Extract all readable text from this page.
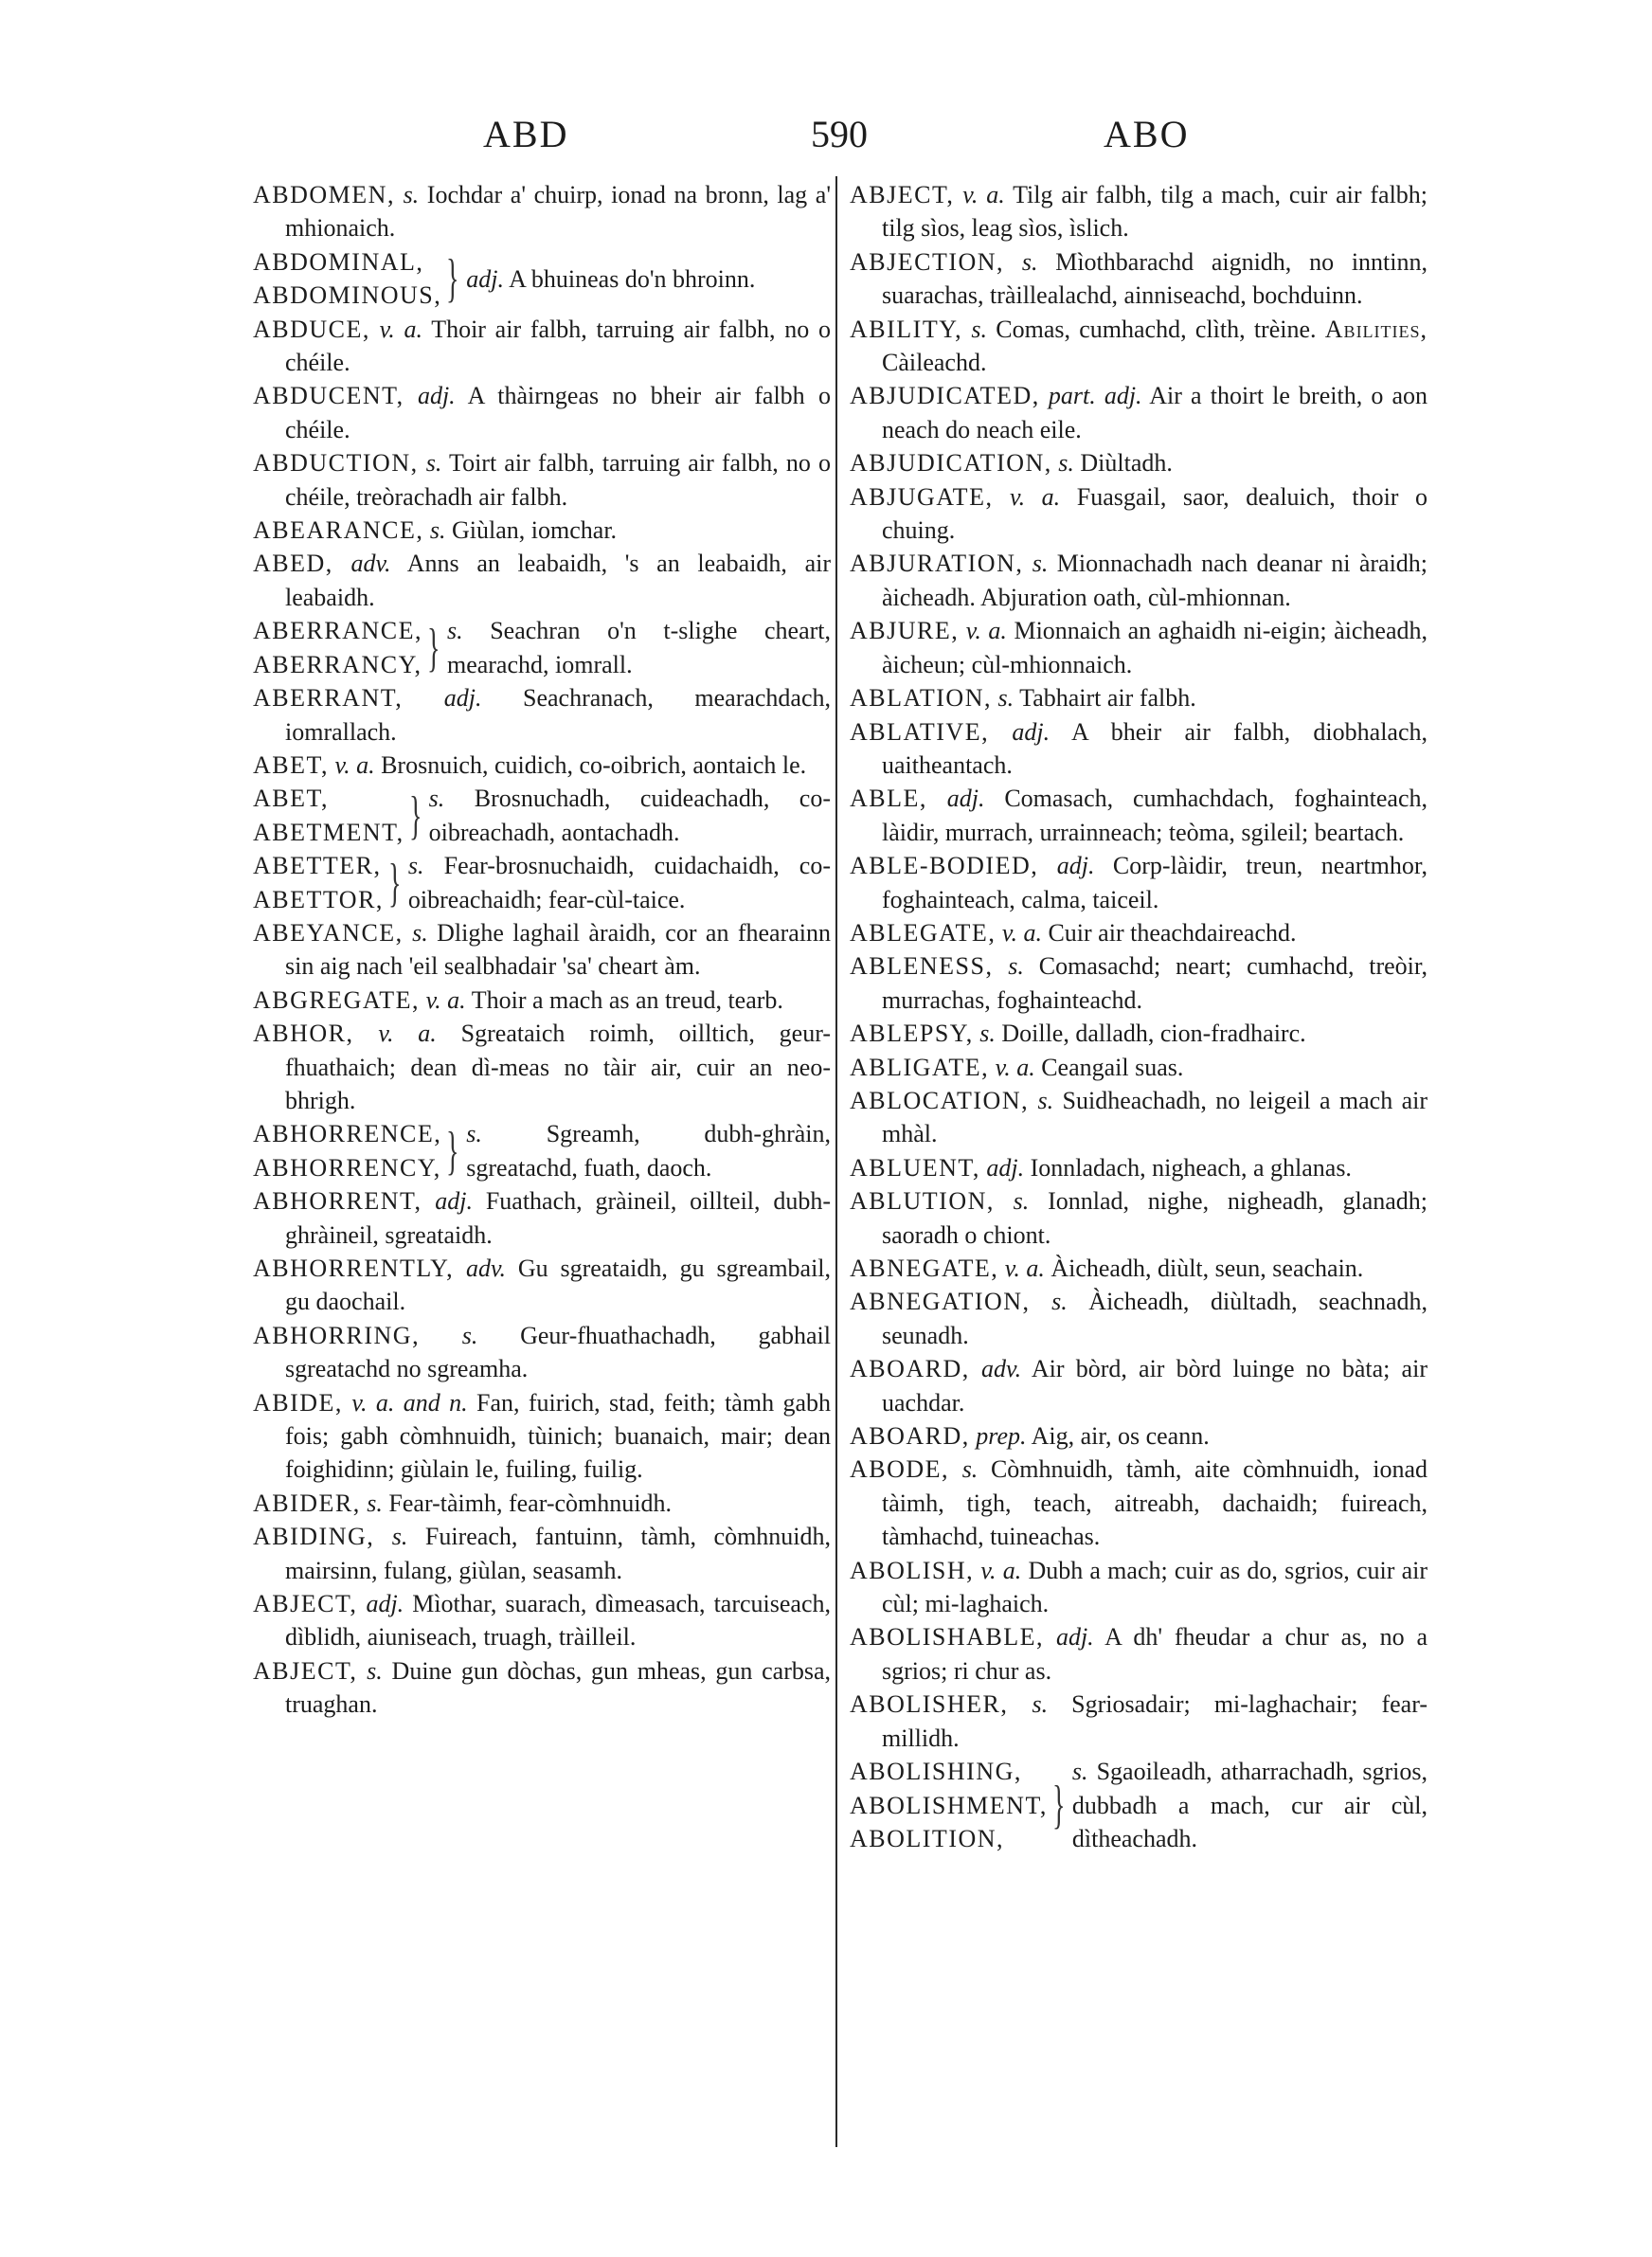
ABD	590	ABO

ABDOMEN, s. Iochdar a' chuirp, ionad na bronn, lag a' mhionaich.

ABDOMINAL,
ABDOMINOUS, } adj. A bhuineas do'n bhroinn.

ABDUCE, v. a. Thoir air falbh, tarruing air falbh, no o chéile.

ABDUCENT, adj. A thàirngeas no bheir air falbh o chéile.

ABDUCTION, s. Toirt air falbh, tarruing air falbh, no o chéile, treòrachadh air falbh.

ABEARANCE, s. Giùlan, iomchar.

ABED, adv. Anns an leabaidh, 's an leabaidh, air leabaidh.

ABERRANCE,
ABERRANCY, } s. Seachran o'n t-slighe cheart, mearachd, iomrall.

ABERRANT, adj. Seachranach, mearachdach, iomrallach.

ABET, v. a. Brosnuich, cuidich, co-oibrich, aontaich le.

ABET,
ABETMENT, } s. Brosnuchadh, cuideachadh, co-oibreachadh, aontachadh.
ABETTER,
ABETTOR, } s. Fear-brosnuchaidh, cuidachaidh, co-oibreachaidh; fear-cùl-taice.

ABEYANCE, s. Dlighe laghail àraidh, cor an fhearainn sin aig nach 'eil sealbhadair 'sa' cheart àm.

ABGREGATE, v. a. Thoir a mach as an treud, tearb.

ABHOR, v. a. Sgreataich roimh, oilltich, geur-fhuathaich; dean dì-meas no tàir air, cuir an neo-bhrigh.

ABHORRENCE,
ABHORRENCY, } s.	Sgreamh, dubh-ghràin, sgreatachd, fuath, daoch.

ABHORRENT, adj. Fuathach, gràineil, oillteil, dubh-ghràineil, sgreataidh.

ABHORRENTLY, adv. Gu sgreataidh, gu sgreambail, gu daochail.

ABHORRING, s. Geur-fhuathachadh, gabhail sgreatachd no sgreamha.

ABIDE, v. a. and n. Fan, fuirich, stad, feith; tàmh gabh fois; gabh còmhnuidh, tùinich; buanaich, mair; dean foighidinn; giùlain le, fuiling, fuilig.

ABIDER, s. Fear-tàimh, fear-còmhnuidh.

ABIDING, s. Fuireach, fantuinn, tàmh, còmhnuidh, mairsinn, fulang, giùlan, seasamh.

ABJECT, adj. Mìothar, suarach, dìmeasach, tarcuiseach, dìblidh, aiuniseach, truagh, tràilleil.

ABJECT, s. Duine gun dòchas, gun mheas, gun carbsa, truaghan.

ABJECT, v. a. Tilg air falbh, tilg a mach, cuir air falbh; tilg sìos, leag sìos, ìslich.

ABJECTION, s. Mìothbarachd aignidh, no inntinn, suarachas, tràillealachd, ainniseachd, bochduinn.

ABILITY, s. Comas, cumhachd, clìth, trèine. Abilities, Càileachd.

ABJUDICATED, part. adj. Air a thoirt le breith, o aon neach do neach eile.

ABJUDICATION, s. Diùltadh.

ABJUGATE, v. a. Fuasgail, saor, dealuich, thoir o chuing.

ABJURATION, s. Mionnachadh nach deanar ni àraidh; àicheadh. Abjuration oath, cùl-mhionnan.

ABJURE, v. a. Mionnaich an aghaidh ni-eigin; àicheadh, àicheun; cùl-mhionnaich.

ABLATION, s. Tabhairt air falbh.

ABLATIVE, adj. A bheir air falbh, diobhalach, uaitheantach.

ABLE, adj. Comasach, cumhachdach, foghainteach, làidir, murrach, urrainneach; teòma, sgileil; beartach.

ABLE-BODIED, adj. Corp-làidir, treun, neartmhor, foghainteach, calma, taiceil.

ABLEGATE, v. a. Cuir air theachdaireachd.

ABLENESS, s. Comasachd; neart; cumhachd, treòir, murrachas, foghainteachd.

ABLEPSY, s. Doille, dalladh, cion-fradhairc.

ABLIGATE, v. a. Ceangail suas.

ABLOCATION, s. Suidheachadh, no leigeil a mach air mhàl.

ABLUENT, adj. Ionnladach, nigheach, a ghlanas.

ABLUTION, s. Ionnlad, nighe, nigheadh, glanadh; saoradh o chiont.

ABNEGATE, v. a. Àicheadh, diùlt, seun, seachain.

ABNEGATION, s. Àicheadh, diùltadh, seachnadh, seunadh.

ABOARD, adv. Air bòrd, air bòrd luinge no bàta; air uachdar.

ABOARD, prep. Aig, air, os ceann.

ABODE, s. Còmhnuidh, tàmh, aite còmhnuidh, ionad tàimh, tigh, teach, aitreabh, dachaidh; fuireach, tàmhachd, tuineachas.

ABOLISH, v. a. Dubh a mach; cuir as do, sgrios, cuir air cùl; mi-laghaich.

ABOLISHABLE, adj. A dh' fheudar a chur as, no a sgrios; ri chur as.

ABOLISHER, s. Sgriosadair; mi-laghachair; fear-millidh.

ABOLISHING,
ABOLISHMENT,
ABOLITION,
}
s. Sgaoileadh, atharrachadh, sgrios, dubbadh a mach, cur air cùl, dìtheachadh.
